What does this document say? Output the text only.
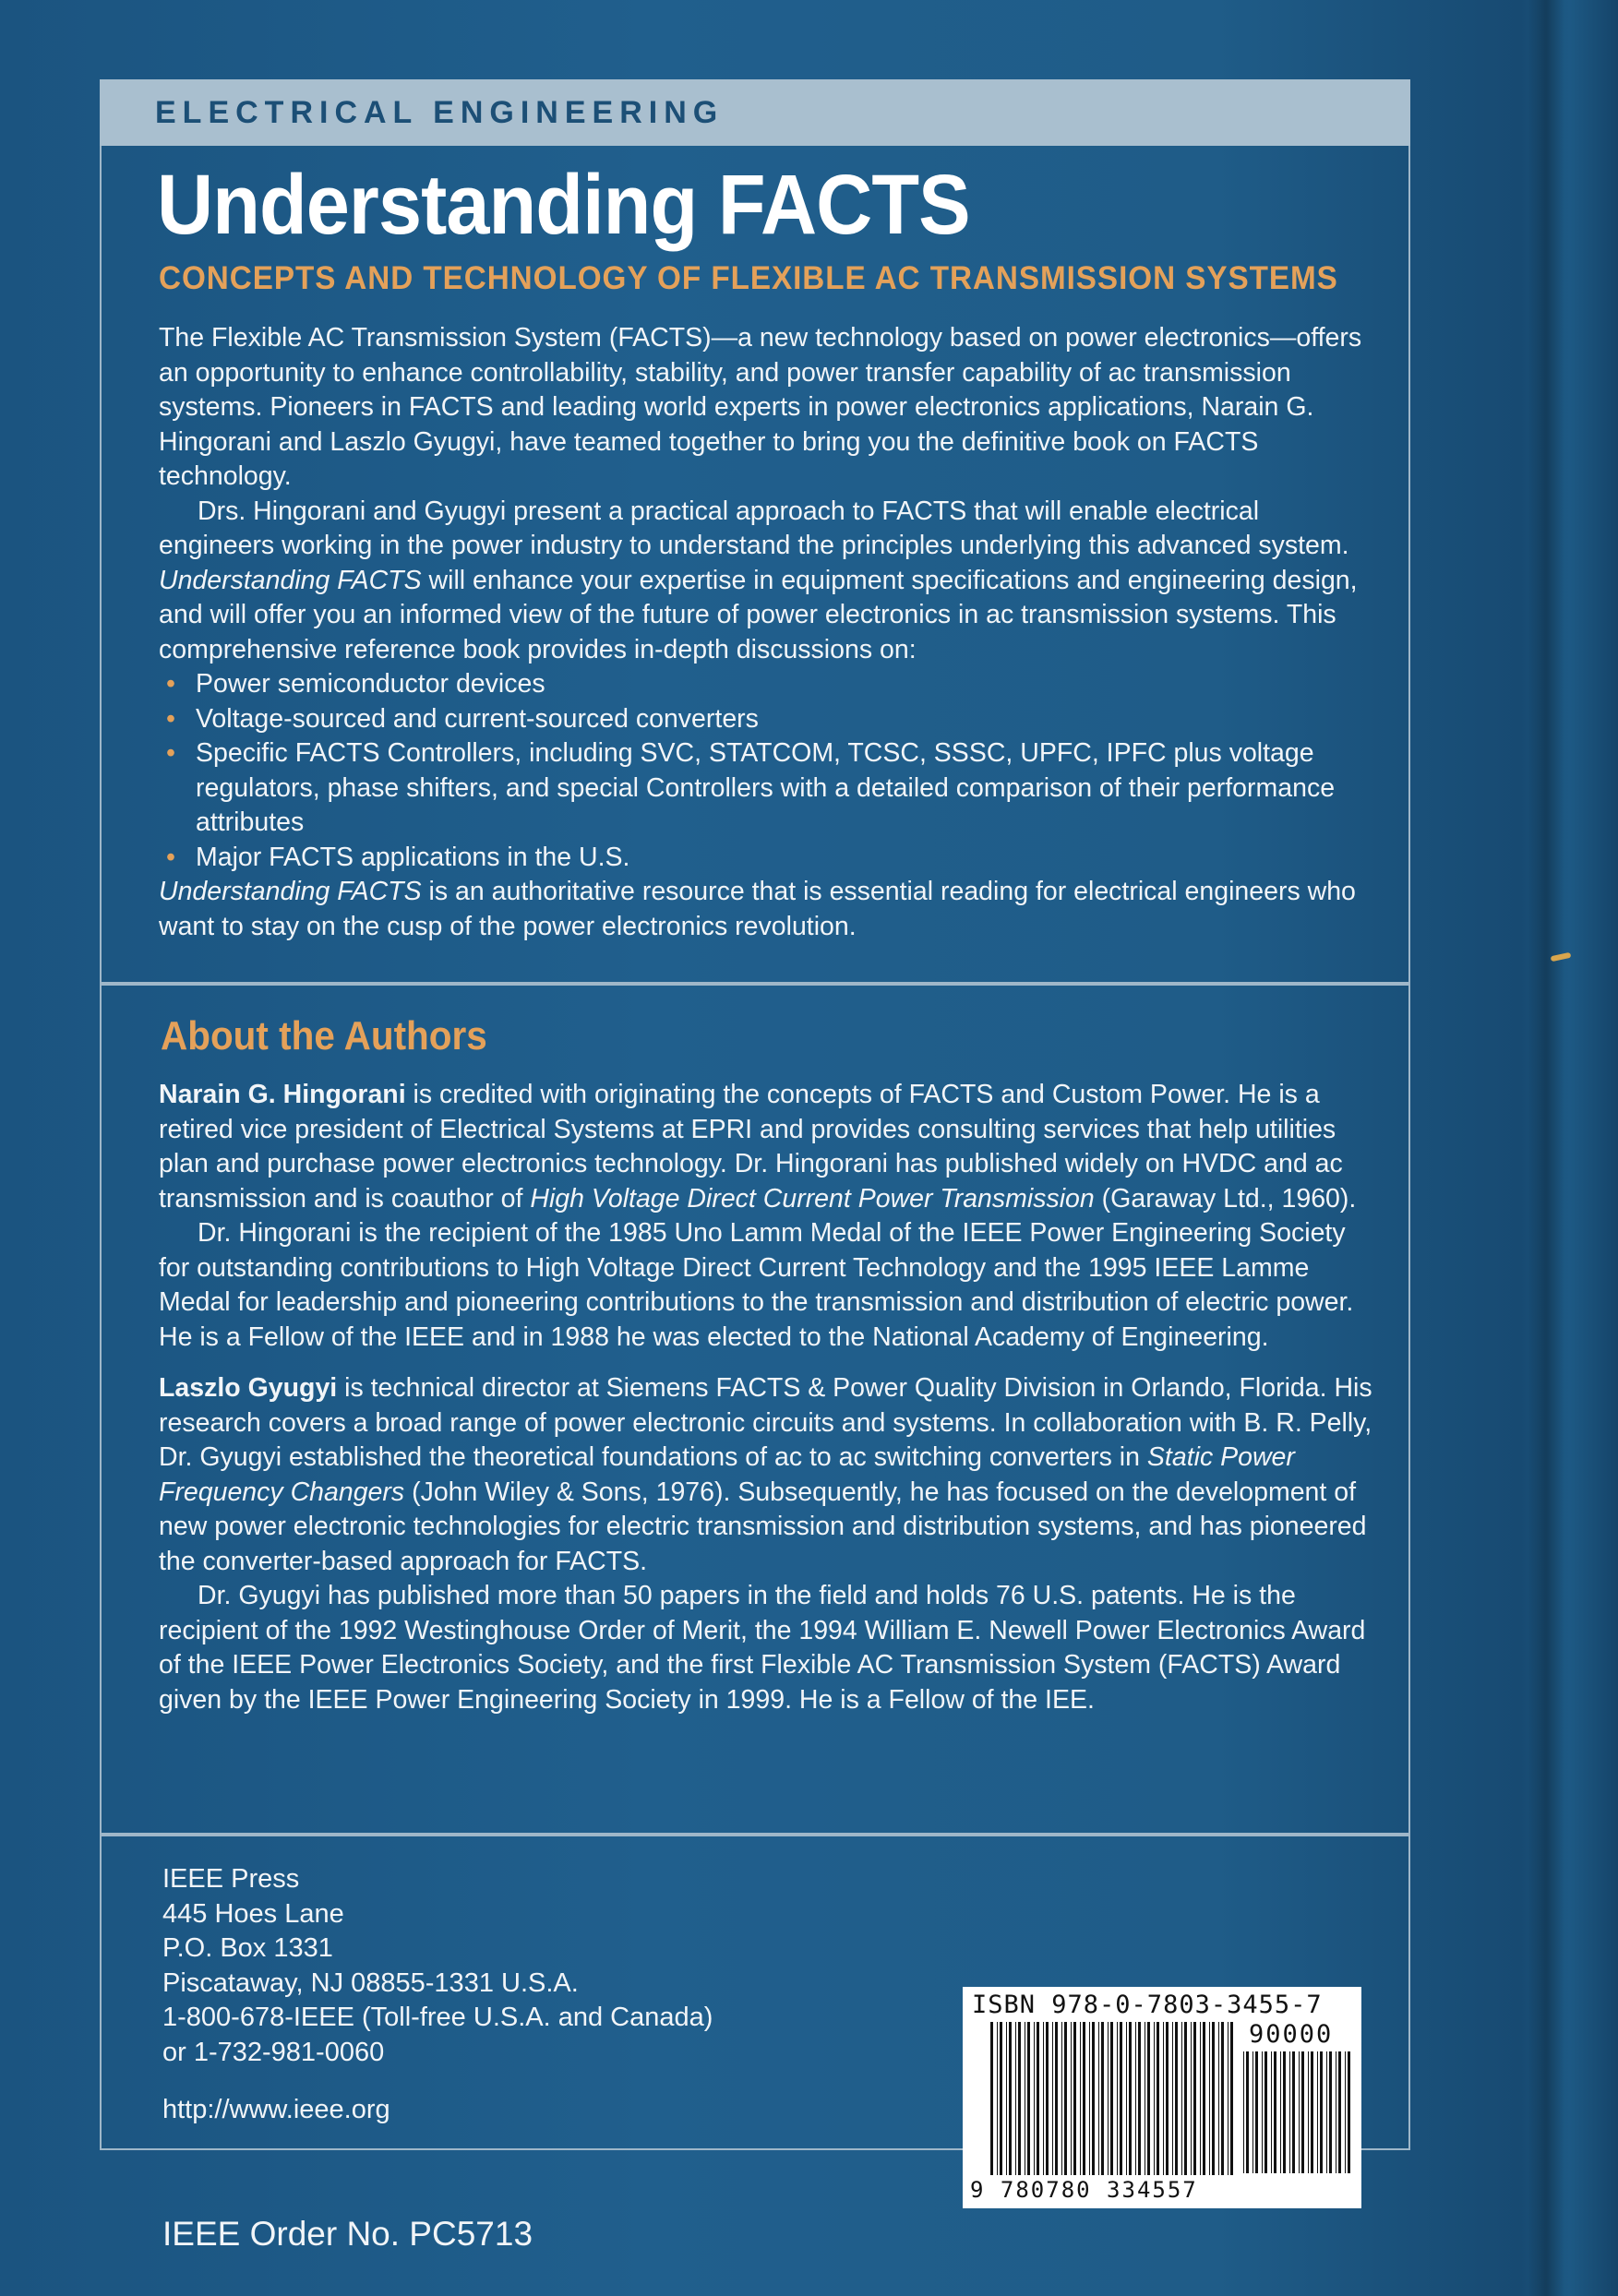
ELECTRICAL ENGINEERING
Understanding FACTS
CONCEPTS AND TECHNOLOGY OF FLEXIBLE AC TRANSMISSION SYSTEMS

The Flexible AC Transmission System (FACTS)—a new technology based on power electronics—offers an opportunity to enhance controllability, stability, and power transfer capability of ac transmission systems. Pioneers in FACTS and leading world experts in power electronics applications, Narain G. Hingorani and Laszlo Gyugyi, have teamed together to bring you the definitive book on FACTS technology.

Drs. Hingorani and Gyugyi present a practical approach to FACTS that will enable electrical engineers working in the power industry to understand the principles underlying this advanced system. Understanding FACTS will enhance your expertise in equipment specifications and engineering design, and will offer you an informed view of the future of power electronics in ac transmission systems. This comprehensive reference book provides in-depth discussions on:

• Power semiconductor devices
• Voltage-sourced and current-sourced converters
• Specific FACTS Controllers, including SVC, STATCOM, TCSC, SSSC, UPFC, IPFC plus voltage regulators, phase shifters, and special Controllers with a detailed comparison of their performance attributes
• Major FACTS applications in the U.S.

Understanding FACTS is an authoritative resource that is essential reading for electrical engineers who want to stay on the cusp of the power electronics revolution.

About the Authors

Narain G. Hingorani is credited with originating the concepts of FACTS and Custom Power. He is a retired vice president of Electrical Systems at EPRI and provides consulting services that help utilities plan and purchase power electronics technology. Dr. Hingorani has published widely on HVDC and ac transmission and is coauthor of High Voltage Direct Current Power Transmission (Garaway Ltd., 1960).

Dr. Hingorani is the recipient of the 1985 Uno Lamm Medal of the IEEE Power Engineering Society for outstanding contributions to High Voltage Direct Current Technology and the 1995 IEEE Lamme Medal for leadership and pioneering contributions to the transmission and distribution of electric power. He is a Fellow of the IEEE and in 1988 he was elected to the National Academy of Engineering.

Laszlo Gyugyi is technical director at Siemens FACTS & Power Quality Division in Orlando, Florida. His research covers a broad range of power electronic circuits and systems. In collaboration with B. R. Pelly, Dr. Gyugyi established the theoretical foundations of ac to ac switching converters in Static Power Frequency Changers (John Wiley & Sons, 1976). Subsequently, he has focused on the development of new power electronic technologies for electric transmission and distribution systems, and has pioneered the converter-based approach for FACTS.

Dr. Gyugyi has published more than 50 papers in the field and holds 76 U.S. patents. He is the recipient of the 1992 Westinghouse Order of Merit, the 1994 William E. Newell Power Electronics Award of the IEEE Power Electronics Society, and the first Flexible AC Transmission System (FACTS) Award given by the IEEE Power Engineering Society in 1999. He is a Fellow of the IEE.

IEEE Press
445 Hoes Lane
P.O. Box 1331
Piscataway, NJ 08855-1331 U.S.A.
1-800-678-IEEE (Toll-free U.S.A. and Canada)
or 1-732-981-0060
http://www.ieee.org
IEEE Order No. PC5713
ISBN 978-0-7803-3455-7
90000
9 780780 334557
